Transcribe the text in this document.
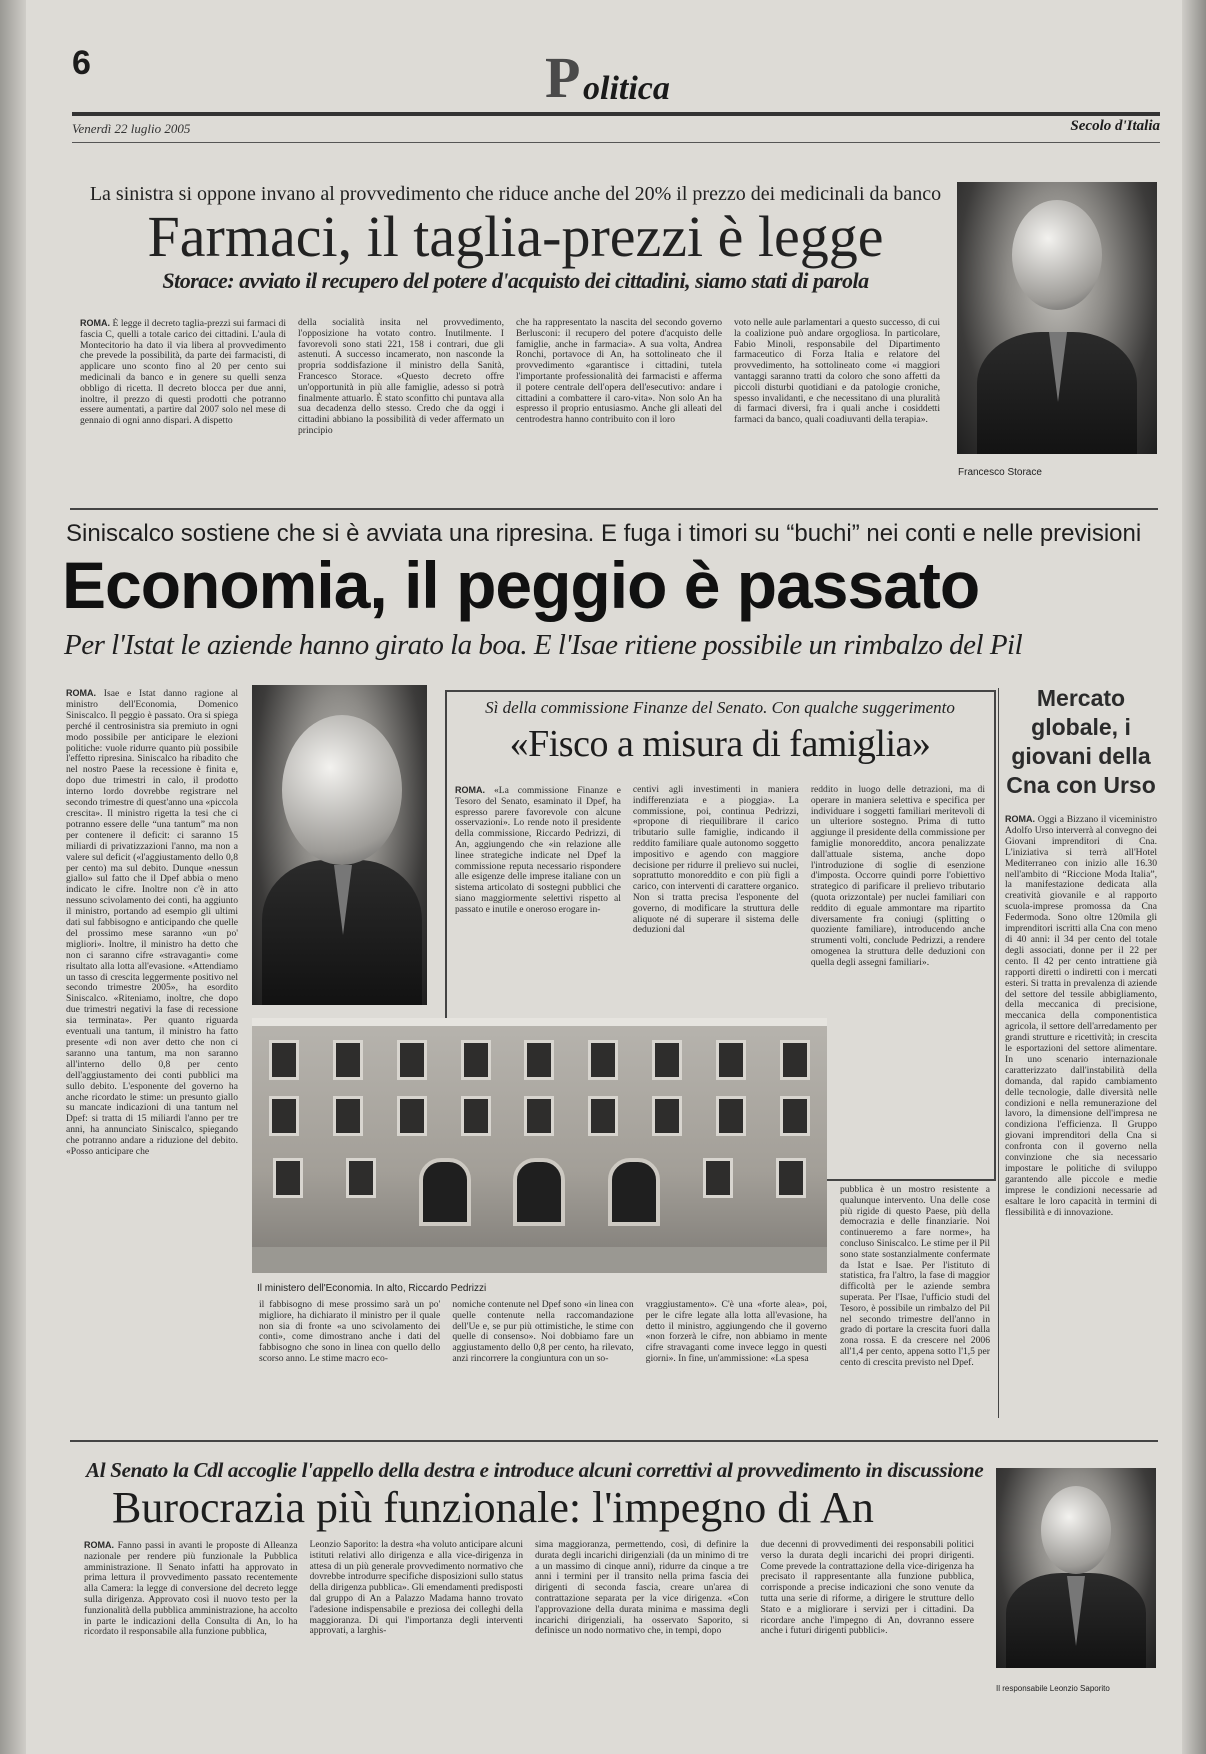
6	P olitica
Venerdì 22 luglio 2005	Secolo d'Italia
La sinistra si oppone invano al provvedimento che riduce anche del 20% il prezzo dei medicinali da banco
Farmaci, il taglia-prezzi è legge
Storace: avviato il recupero del potere d'acquisto dei cittadini, siamo stati di parola
ROMA. È legge il decreto taglia-prezzi sui farmaci di fascia C, quelli a totale carico dei cittadini. L'aula di Montecitorio ha dato il via libera al provvedimento che prevede la possibilità, da parte dei farmacisti, di applicare uno sconto fino al 20 per cento sui medicinali da banco e in genere su quelli senza obbligo di ricetta. Il decreto blocca per due anni, inoltre, il prezzo di questi prodotti che potranno essere aumentati, a partire dal 2007 solo nel mese di gennaio di ogni anno dispari. A dispetto
della socialità insita nel provvedimento, l'opposizione ha votato contro. Inutilmente. I favorevoli sono stati 221, 158 i contrari, due gli astenuti. A successo incamerato, non nasconde la propria soddisfazione il ministro della Sanità, Francesco Storace. «Questo decreto offre un'opportunità in più alle famiglie, adesso si potrà finalmente attuarlo. È stato sconfitto chi puntava alla sua decadenza dello stesso. Credo che da oggi i cittadini abbiano la possibilità di veder affermato un principio
che ha rappresentato la nascita del secondo governo Berlusconi: il recupero del potere d'acquisto delle famiglie, anche in farmacia». A sua volta, Andrea Ronchi, portavoce di An, ha sottolineato che il provvedimento «garantisce i cittadini, tutela l'importante professionalità dei farmacisti e afferma il potere centrale dell'opera dell'esecutivo: andare i cittadini a combattere il caro-vita». Non solo An ha espresso il proprio entusiasmo. Anche gli alleati del centrodestra hanno contribuito con il loro
voto nelle aule parlamentari a questo successo, di cui la coalizione può andare orgogliosa. In particolare, Fabio Minoli, responsabile del Dipartimento farmaceutico di Forza Italia e relatore del provvedimento, ha sottolineato come «i maggiori vantaggi saranno tratti da coloro che sono affetti da piccoli disturbi quotidiani e da patologie croniche, spesso invalidanti, e che necessitano di una pluralità di farmaci diversi, fra i quali anche i cosiddetti farmaci da banco, quali coadiuvanti della terapia».
Francesco Storace
Siniscalco sostiene che si è avviata una ripresina. E fuga i timori su “buchi” nei conti e nelle previsioni
Economia, il peggio è passato
Per l'Istat le aziende hanno girato la boa. E l'Isae ritiene possibile un rimbalzo del Pil
ROMA. Isae e Istat danno ragione al ministro dell'Economia, Domenico Siniscalco. Il peggio è passato. Ora si spiega perché il centrosinistra sia premiuto in ogni modo possibile per anticipare le elezioni politiche: vuole ridurre quanto più possibile l'effetto ripresina. Siniscalco ha ribadito che nel nostro Paese la recessione è finita e, dopo due trimestri in calo, il prodotto interno lordo dovrebbe registrare nel secondo trimestre di quest'anno una «piccola crescita». Il ministro rigetta la tesi che ci potranno essere delle “una tantum” ma non per contenere il deficit: ci saranno 15 miliardi di privatizzazioni l'anno, ma non a valere sul deficit («l'aggiustamento dello 0,8 per cento) ma sul debito. Dunque «nessun giallo» sul fatto che il Dpef abbia o meno indicato le cifre. Inoltre non c'è in atto nessuno scivolamento dei conti, ha aggiunto il ministro, portando ad esempio gli ultimi dati sul fabbisogno e anticipando che quelle del prossimo mese saranno «un po' migliori». Inoltre, il ministro ha detto che non ci saranno cifre «stravaganti» come risultato alla lotta all'evasione. «Attendiamo un tasso di crescita leggermente positivo nel secondo trimestre 2005», ha esordito Siniscalco. «Riteniamo, inoltre, che dopo due trimestri negativi la fase di recessione sia terminata». Per quanto riguarda eventuali una tantum, il ministro ha fatto presente «di non aver detto che non ci saranno una tantum, ma non saranno all'interno dello 0,8 per cento dell'aggiustamento dei conti pubblici ma sullo debito. L'esponente del governo ha anche ricordato le stime: un presunto giallo su mancate indicazioni di una tantum nel Dpef: si tratta di 15 miliardi l'anno per tre anni, ha annunciato Siniscalco, spiegando che potranno andare a riduzione del debito. «Posso anticipare che
Sì della commissione Finanze del Senato. Con qualche suggerimento
«Fisco a misura di famiglia»
ROMA. «La commissione Finanze e Tesoro del Senato, esaminato il Dpef, ha espresso parere favorevole con alcune osservazioni». Lo rende noto il presidente della commissione, Riccardo Pedrizzi, di An, aggiungendo che «in relazione alle linee strategiche indicate nel Dpef la commissione reputa necessario rispondere alle esigenze delle imprese italiane con un sistema articolato di sostegni pubblici che siano maggiormente selettivi rispetto al passato e inutile e oneroso erogare in-
centivi agli investimenti in maniera indifferenziata e a pioggia». La commissione, poi, continua Pedrizzi, «propone di riequilibrare il carico tributario sulle famiglie, indicando il reddito familiare quale autonomo soggetto impositivo e agendo con maggiore decisione per ridurre il prelievo sui nuclei, soprattutto monoreddito e con più figli a carico, con interventi di carattere organico. Non si tratta precisa l'esponente del governo, di modificare la struttura delle aliquote né di superare il sistema delle deduzioni dal
reddito in luogo delle detrazioni, ma di operare in maniera selettiva e specifica per individuare i soggetti familiari meritevoli di un ulteriore sostegno. Prima di tutto aggiunge il presidente della commissione per famiglie monoreddito, ancora penalizzate dall'attuale sistema, anche dopo l'introduzione di soglie di esenzione d'imposta. Occorre quindi porre l'obiettivo strategico di parificare il prelievo tributario (quota orizzontale) per nuclei familiari con reddito di eguale ammontare ma ripartito diversamente fra coniugi (splitting o quoziente familiare), introducendo anche strumenti volti, conclude Pedrizzi, a rendere omogenea la struttura delle deduzioni con quella degli assegni familiari».
Il ministero dell'Economia. In alto, Riccardo Pedrizzi
il fabbisogno di mese prossimo sarà un po' migliore, ha dichiarato il ministro per il quale non sia di fronte «a uno scivolamento dei conti», come dimostrano anche i dati del fabbisogno che sono in linea con quello dello scorso anno. Le stime macro eco-
nomiche contenute nel Dpef sono «in linea con quelle contenute nella raccomandazione dell'Ue e, se pur più ottimistiche, le stime con quelle di consenso». Noi dobbiamo fare un aggiustamento dello 0,8 per cento, ha rilevato, anzi rincorrere la congiuntura con un so-
vraggiustamento». C'è una «forte alea», poi, per le cifre legate alla lotta all'evasione, ha detto il ministro, aggiungendo che il governo «non forzerà le cifre, non abbiamo in mente cifre stravaganti come invece leggo in questi giorni». In fine, un'ammissione: «La spesa
pubblica è un mostro resistente a qualunque intervento. Una delle cose più rigide di questo Paese, più della democrazia e delle finanziarie. Noi continueremo a fare norme», ha concluso Siniscalco. Le stime per il Pil sono state sostanzialmente confermate da Istat e Isae. Per l'istituto di statistica, fra l'altro, la fase di maggior difficoltà per le aziende sembra superata. Per l'Isae, l'ufficio studi del Tesoro, è possibile un rimbalzo del Pil nel secondo trimestre dell'anno in grado di portare la crescita fuori dalla zona rossa. E da crescere nel 2006 all'1,4 per cento, appena sotto l'1,5 per cento di crescita previsto nel Dpef.
Mercato globale, i giovani della Cna con Urso
ROMA. Oggi a Bizzano il viceministro Adolfo Urso interverrà al convegno dei Giovani imprenditori di Cna. L'iniziativa si terrà all'Hotel Mediterraneo con inizio alle 16.30 nell'ambito di “Riccione Moda Italia”, la manifestazione dedicata alla creatività giovanile e al rapporto scuola-imprese promossa da Cna Federmoda. Sono oltre 120mila gli imprenditori iscritti alla Cna con meno di 40 anni: il 34 per cento del totale degli associati, donne per il 22 per cento. Il 42 per cento intrattiene già rapporti diretti o indiretti con i mercati esteri. Si tratta in prevalenza di aziende del settore del tessile abbigliamento, della meccanica di precisione, meccanica della componentistica agricola, il settore dell'arredamento per grandi strutture e ricettività; in crescita le esportazioni del settore alimentare. In uno scenario internazionale caratterizzato dall'instabilità della domanda, dal rapido cambiamento delle tecnologie, dalle diversità nelle condizioni e nella remunerazione del lavoro, la dimensione dell'impresa ne condiziona l'efficienza. Il Gruppo giovani imprenditori della Cna si confronta con il governo nella convinzione che sia necessario impostare le politiche di sviluppo garantendo alle piccole e medie imprese le condizioni necessarie ad esaltare le loro capacità in termini di flessibilità e di innovazione.
Al Senato la Cdl accoglie l'appello della destra e introduce alcuni correttivi al provvedimento in discussione
Burocrazia più funzionale: l'impegno di An
ROMA. Fanno passi in avanti le proposte di Alleanza nazionale per rendere più funzionale la Pubblica amministrazione. Il Senato infatti ha approvato in prima lettura il provvedimento passato recentemente alla Camera: la legge di conversione del decreto legge sulla dirigenza. Approvato così il nuovo testo per la funzionalità della pubblica amministrazione, ha accolto in parte le indicazioni della Consulta di An, lo ha ricordato il responsabile alla funzione pubblica,
Leonzio Saporito: la destra «ha voluto anticipare alcuni istituti relativi allo dirigenza e alla vice-dirigenza in attesa di un più generale provvedimento normativo che dovrebbe introdurre specifiche disposizioni sullo status della dirigenza pubblica». Gli emendamenti predisposti dal gruppo di An a Palazzo Madama hanno trovato l'adesione indispensabile e preziosa dei colleghi della maggioranza. Di qui l'importanza degli interventi approvati, a larghis-
sima maggioranza, permettendo, così, di definire la durata degli incarichi dirigenziali (da un minimo di tre a un massimo di cinque anni), ridurre da cinque a tre anni i termini per il transito nella prima fascia dei dirigenti di seconda fascia, creare un'area di contrattazione separata per la vice dirigenza. «Con l'approvazione della durata minima e massima degli incarichi dirigenziali, ha osservato Saporito, si definisce un nodo normativo che, in tempi, dopo
due decenni di provvedimenti dei responsabili politici verso la durata degli incarichi dei propri dirigenti. Come prevede la contrattazione della vice-dirigenza ha precisato il rappresentante alla funzione pubblica, corrisponde a precise indicazioni che sono venute da tutta una serie di riforme, a dirigere le strutture dello Stato e a migliorare i servizi per i cittadini. Da ricordare anche l'impegno di An, dovranno essere anche i futuri dirigenti pubblici».
Il responsabile Leonzio Saporito
